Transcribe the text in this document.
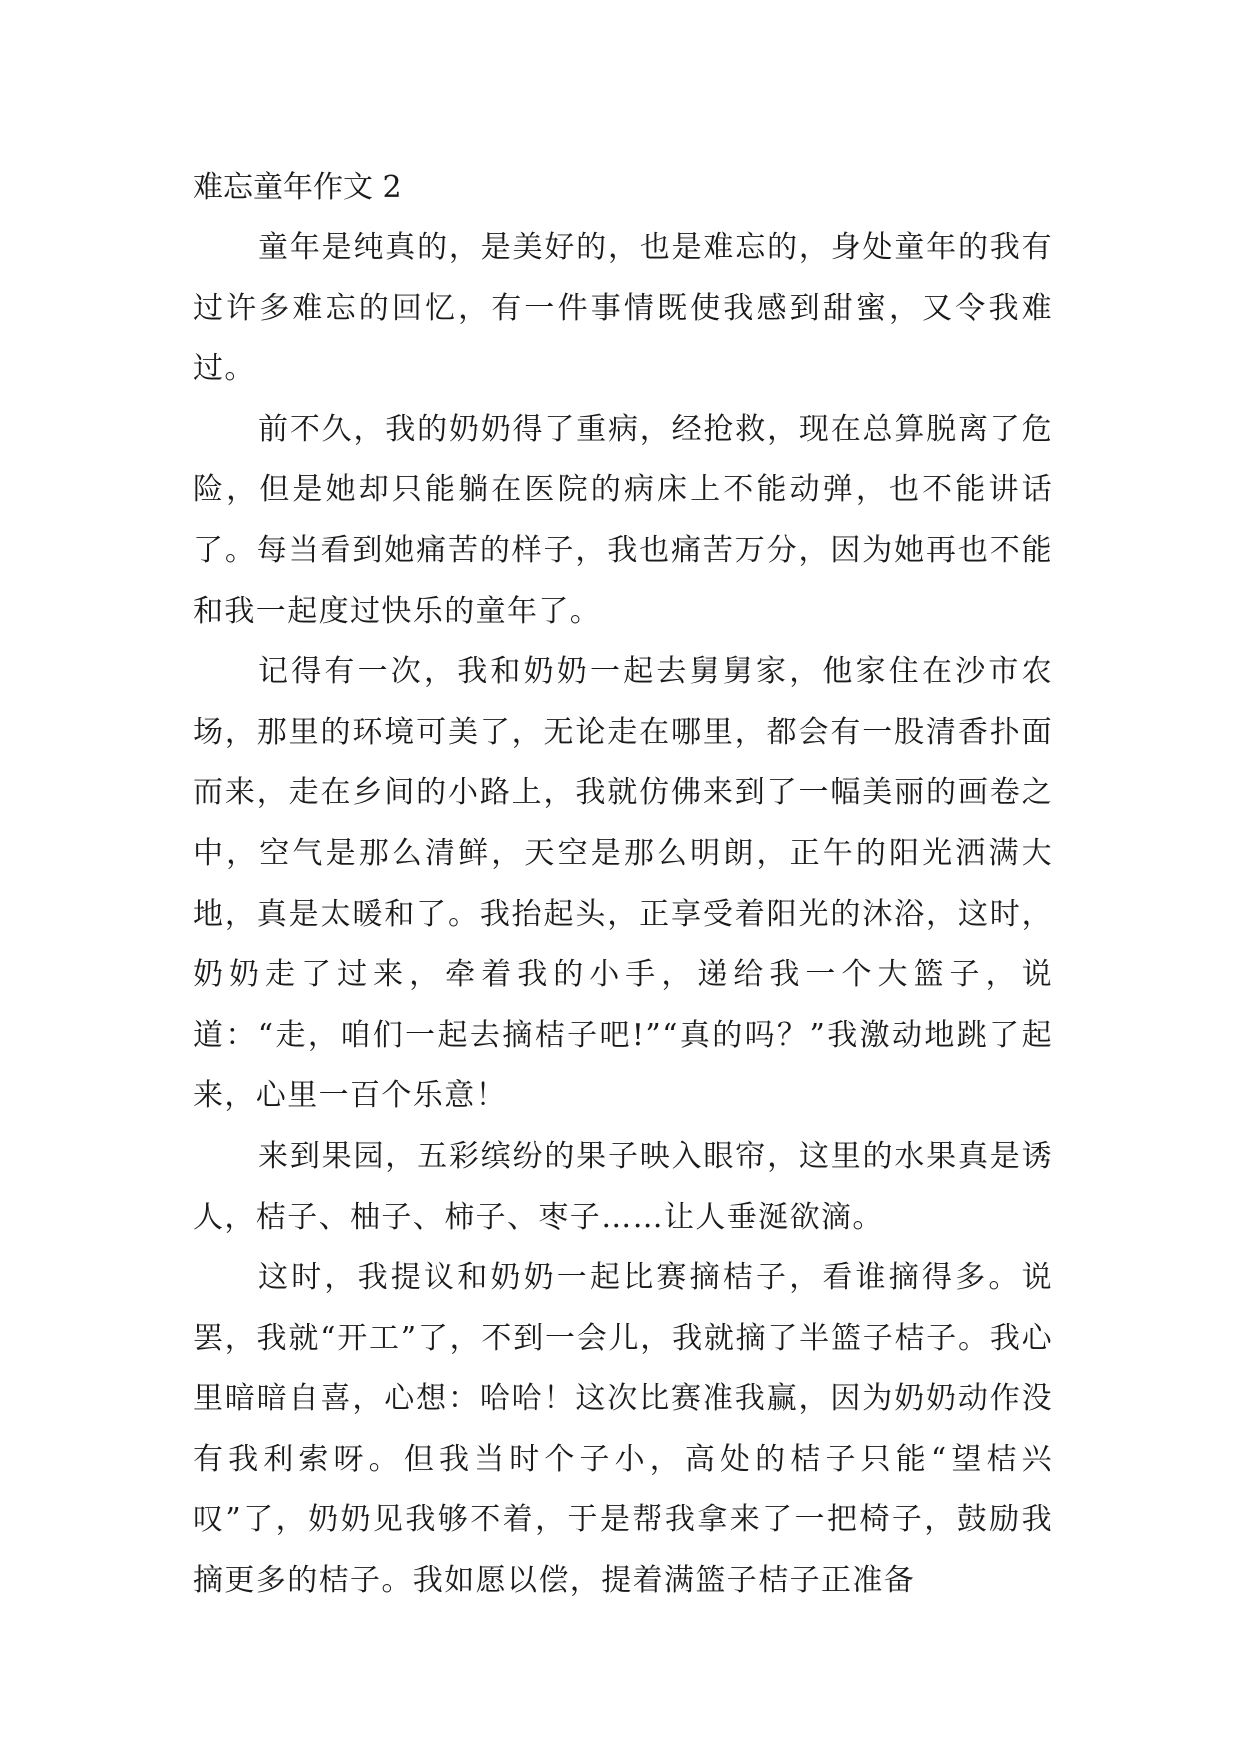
难忘童年作文 2

童年是纯真的，是美好的，也是难忘的，身处童年的我有过许多难忘的回忆，有一件事情既使我感到甜蜜，又令我难过。

前不久，我的奶奶得了重病，经抢救，现在总算脱离了危险，但是她却只能躺在医院的病床上不能动弹，也不能讲话了。每当看到她痛苦的样子，我也痛苦万分，因为她再也不能和我一起度过快乐的童年了。

记得有一次，我和奶奶一起去舅舅家，他家住在沙市农场，那里的环境可美了，无论走在哪里，都会有一股清香扑面而来，走在乡间的小路上，我就仿佛来到了一幅美丽的画卷之中，空气是那么清鲜，天空是那么明朗，正午的阳光洒满大地，真是太暖和了。我抬起头，正享受着阳光的沐浴，这时，奶奶走了过来，牵着我的小手，递给我一个大篮子，说道：“走，咱们一起去摘桔子吧!”“真的吗？”我激动地跳了起来，心里一百个乐意！

来到果园，五彩缤纷的果子映入眼帘，这里的水果真是诱人，桔子、柚子、柿子、枣子……让人垂涎欲滴。

这时，我提议和奶奶一起比赛摘桔子，看谁摘得多。说罢，我就“开工”了，不到一会儿，我就摘了半篮子桔子。我心里暗暗自喜，心想：哈哈！这次比赛准我赢，因为奶奶动作没有我利索呀。但我当时个子小，高处的桔子只能“望桔兴叹”了，奶奶见我够不着，于是帮我拿来了一把椅子，鼓励我摘更多的桔子。我如愿以偿，提着满篮子桔子正准备
